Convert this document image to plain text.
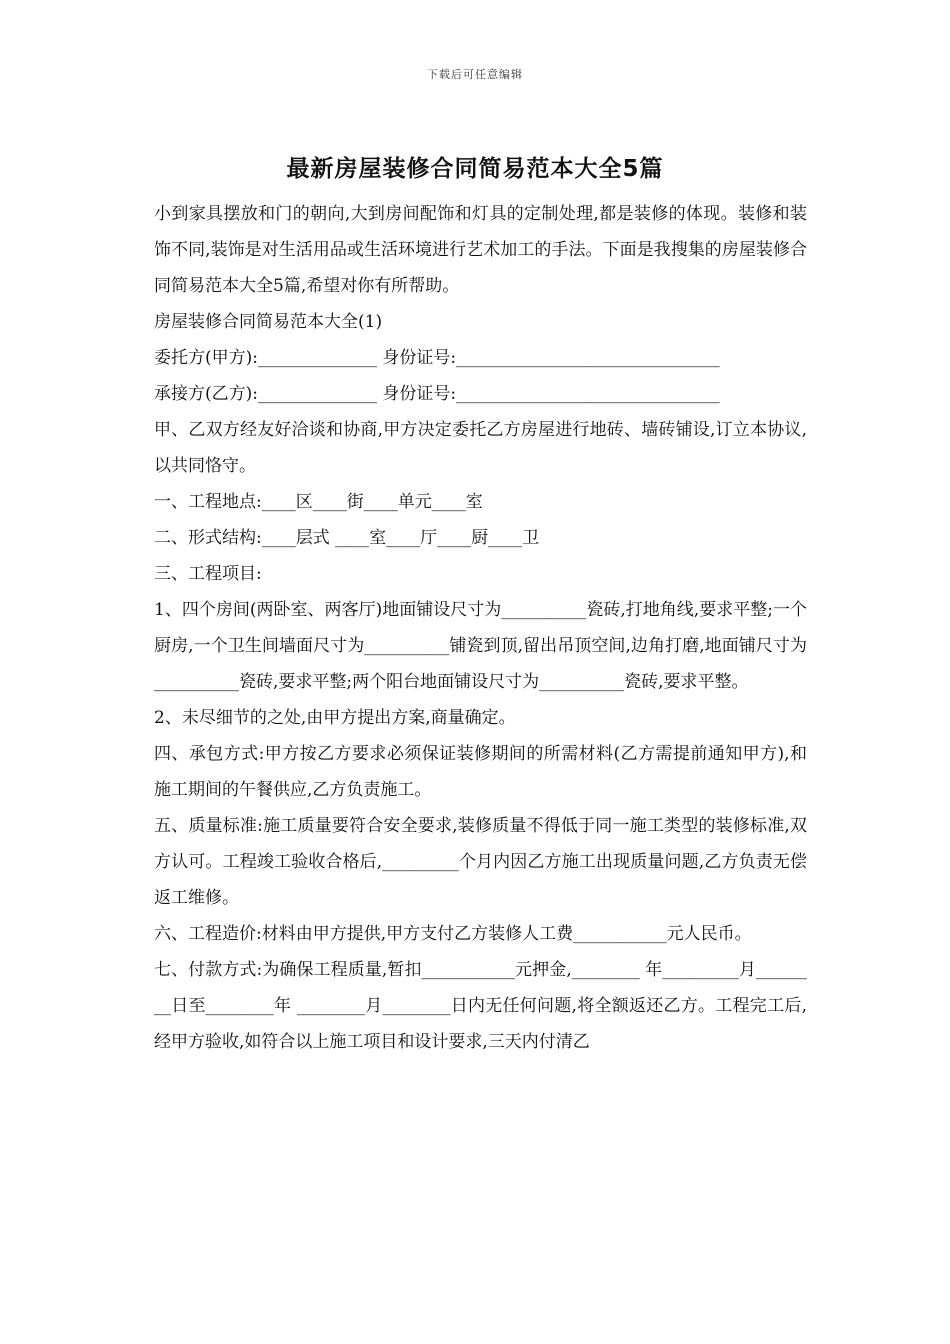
下载后可任意编辑
最新房屋装修合同简易范本大全5篇

小到家具摆放和门的朝向,大到房间配饰和灯具的定制处理,都是装修的体现。装修和装饰不同,装饰是对生活用品或生活环境进行艺术加工的手法。下面是我搜集的房屋装修合同简易范本大全5篇,希望对你有所帮助。

房屋装修合同简易范本大全(1)

委托方(甲方):______________ 身份证号:_______________________________

承接方(乙方):______________ 身份证号:_______________________________

甲、乙双方经友好洽谈和协商,甲方决定委托乙方房屋进行地砖、墙砖铺设,订立本协议,以共同恪守。

一、工程地点:____区____街____单元____室

二、形式结构:____层式 ____室____厅____厨____卫

三、工程项目:

1、四个房间(两卧室、两客厅)地面铺设尺寸为__________瓷砖,打地角线,要求平整;一个厨房,一个卫生间墙面尺寸为__________铺瓷到顶,留出吊顶空间,边角打磨,地面铺尺寸为__________瓷砖,要求平整;两个阳台地面铺设尺寸为__________瓷砖,要求平整。

2、未尽细节的之处,由甲方提出方案,商量确定。

四、承包方式:甲方按乙方要求必须保证装修期间的所需材料(乙方需提前通知甲方),和施工期间的午餐供应,乙方负责施工。

五、质量标准:施工质量要符合安全要求,装修质量不得低于同一施工类型的装修标准,双方认可。工程竣工验收合格后,_________个月内因乙方施工出现质量问题,乙方负责无偿返工维修。

六、工程造价:材料由甲方提供,甲方支付乙方装修人工费___________元人民币。

七、付款方式:为确保工程质量,暂扣___________元押金,________ 年_________月________日至________年 ________月________日内无任何问题,将全额返还乙方。工程完工后,经甲方验收,如符合以上施工项目和设计要求,三天内付清乙
